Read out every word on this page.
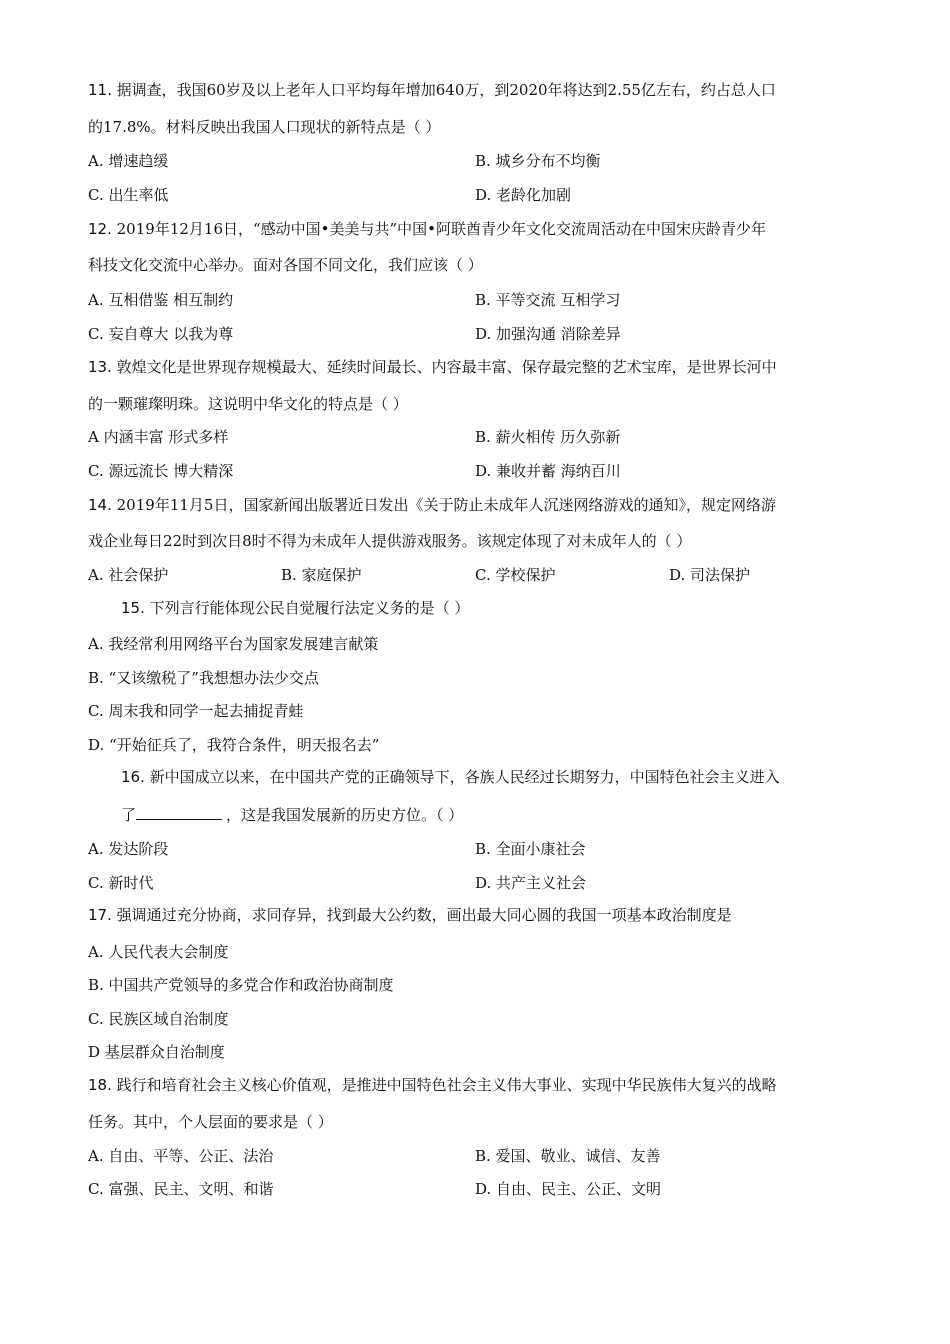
11. 据调查，我国60岁及以上老年人口平均每年增加640万，到2020年将达到2.55亿左右，约占总人口
的17.8%。材料反映出我国人口现状的新特点是（ ）
A. 增速趋缓	B. 城乡分布不均衡
C. 出生率低	D. 老龄化加剧
12. 2019年12月16日，“感动中国•美美与共”中国•阿联酋青少年文化交流周活动在中国宋庆龄青少年
科技文化交流中心举办。面对各国不同文化，我们应该（ ）
A. 互相借鉴 相互制约	B. 平等交流 互相学习
C. 妄自尊大 以我为尊	D. 加强沟通 消除差异
13. 敦煌文化是世界现存规模最大、延续时间最长、内容最丰富、保存最完整的艺术宝库，是世界长河中
的一颗璀璨明珠。这说明中华文化的特点是（ ）
A 内涵丰富 形式多样	B. 薪火相传 历久弥新
C. 源远流长 博大精深	D. 兼收并蓄 海纳百川
14. 2019年11月5日，国家新闻出版署近日发出《关于防止未成年人沉迷网络游戏的通知》，规定网络游
戏企业每日22时到次日8时不得为未成年人提供游戏服务。该规定体现了对未成年人的（ ）
A. 社会保护	B. 家庭保护	C. 学校保护	D. 司法保护
15. 下列言行能体现公民自觉履行法定义务的是（ ）
A. 我经常利用网络平台为国家发展建言献策
B. “又该缴税了”我想想办法少交点
C. 周末我和同学一起去捕捉青蛙
D. “开始征兵了，我符合条件，明天报名去”
16. 新中国成立以来，在中国共产党的正确领导下，各族人民经过长期努力，中国特色社会主义进入
了	，这是我国发展新的历史方位。（ ）
A. 发达阶段	B. 全面小康社会
C. 新时代	D. 共产主义社会
17. 强调通过充分协商，求同存异，找到最大公约数，画出最大同心圆的我国一项基本政治制度是
A. 人民代表大会制度
B. 中国共产党领导的多党合作和政治协商制度
C. 民族区域自治制度
D 基层群众自治制度
18. 践行和培育社会主义核心价值观，是推进中国特色社会主义伟大事业、实现中华民族伟大复兴的战略
任务。其中，个人层面的要求是（ ）
A. 自由、平等、公正、法治	B. 爱国、敬业、诚信、友善
C. 富强、民主、文明、和谐	D. 自由、民主、公正、文明
